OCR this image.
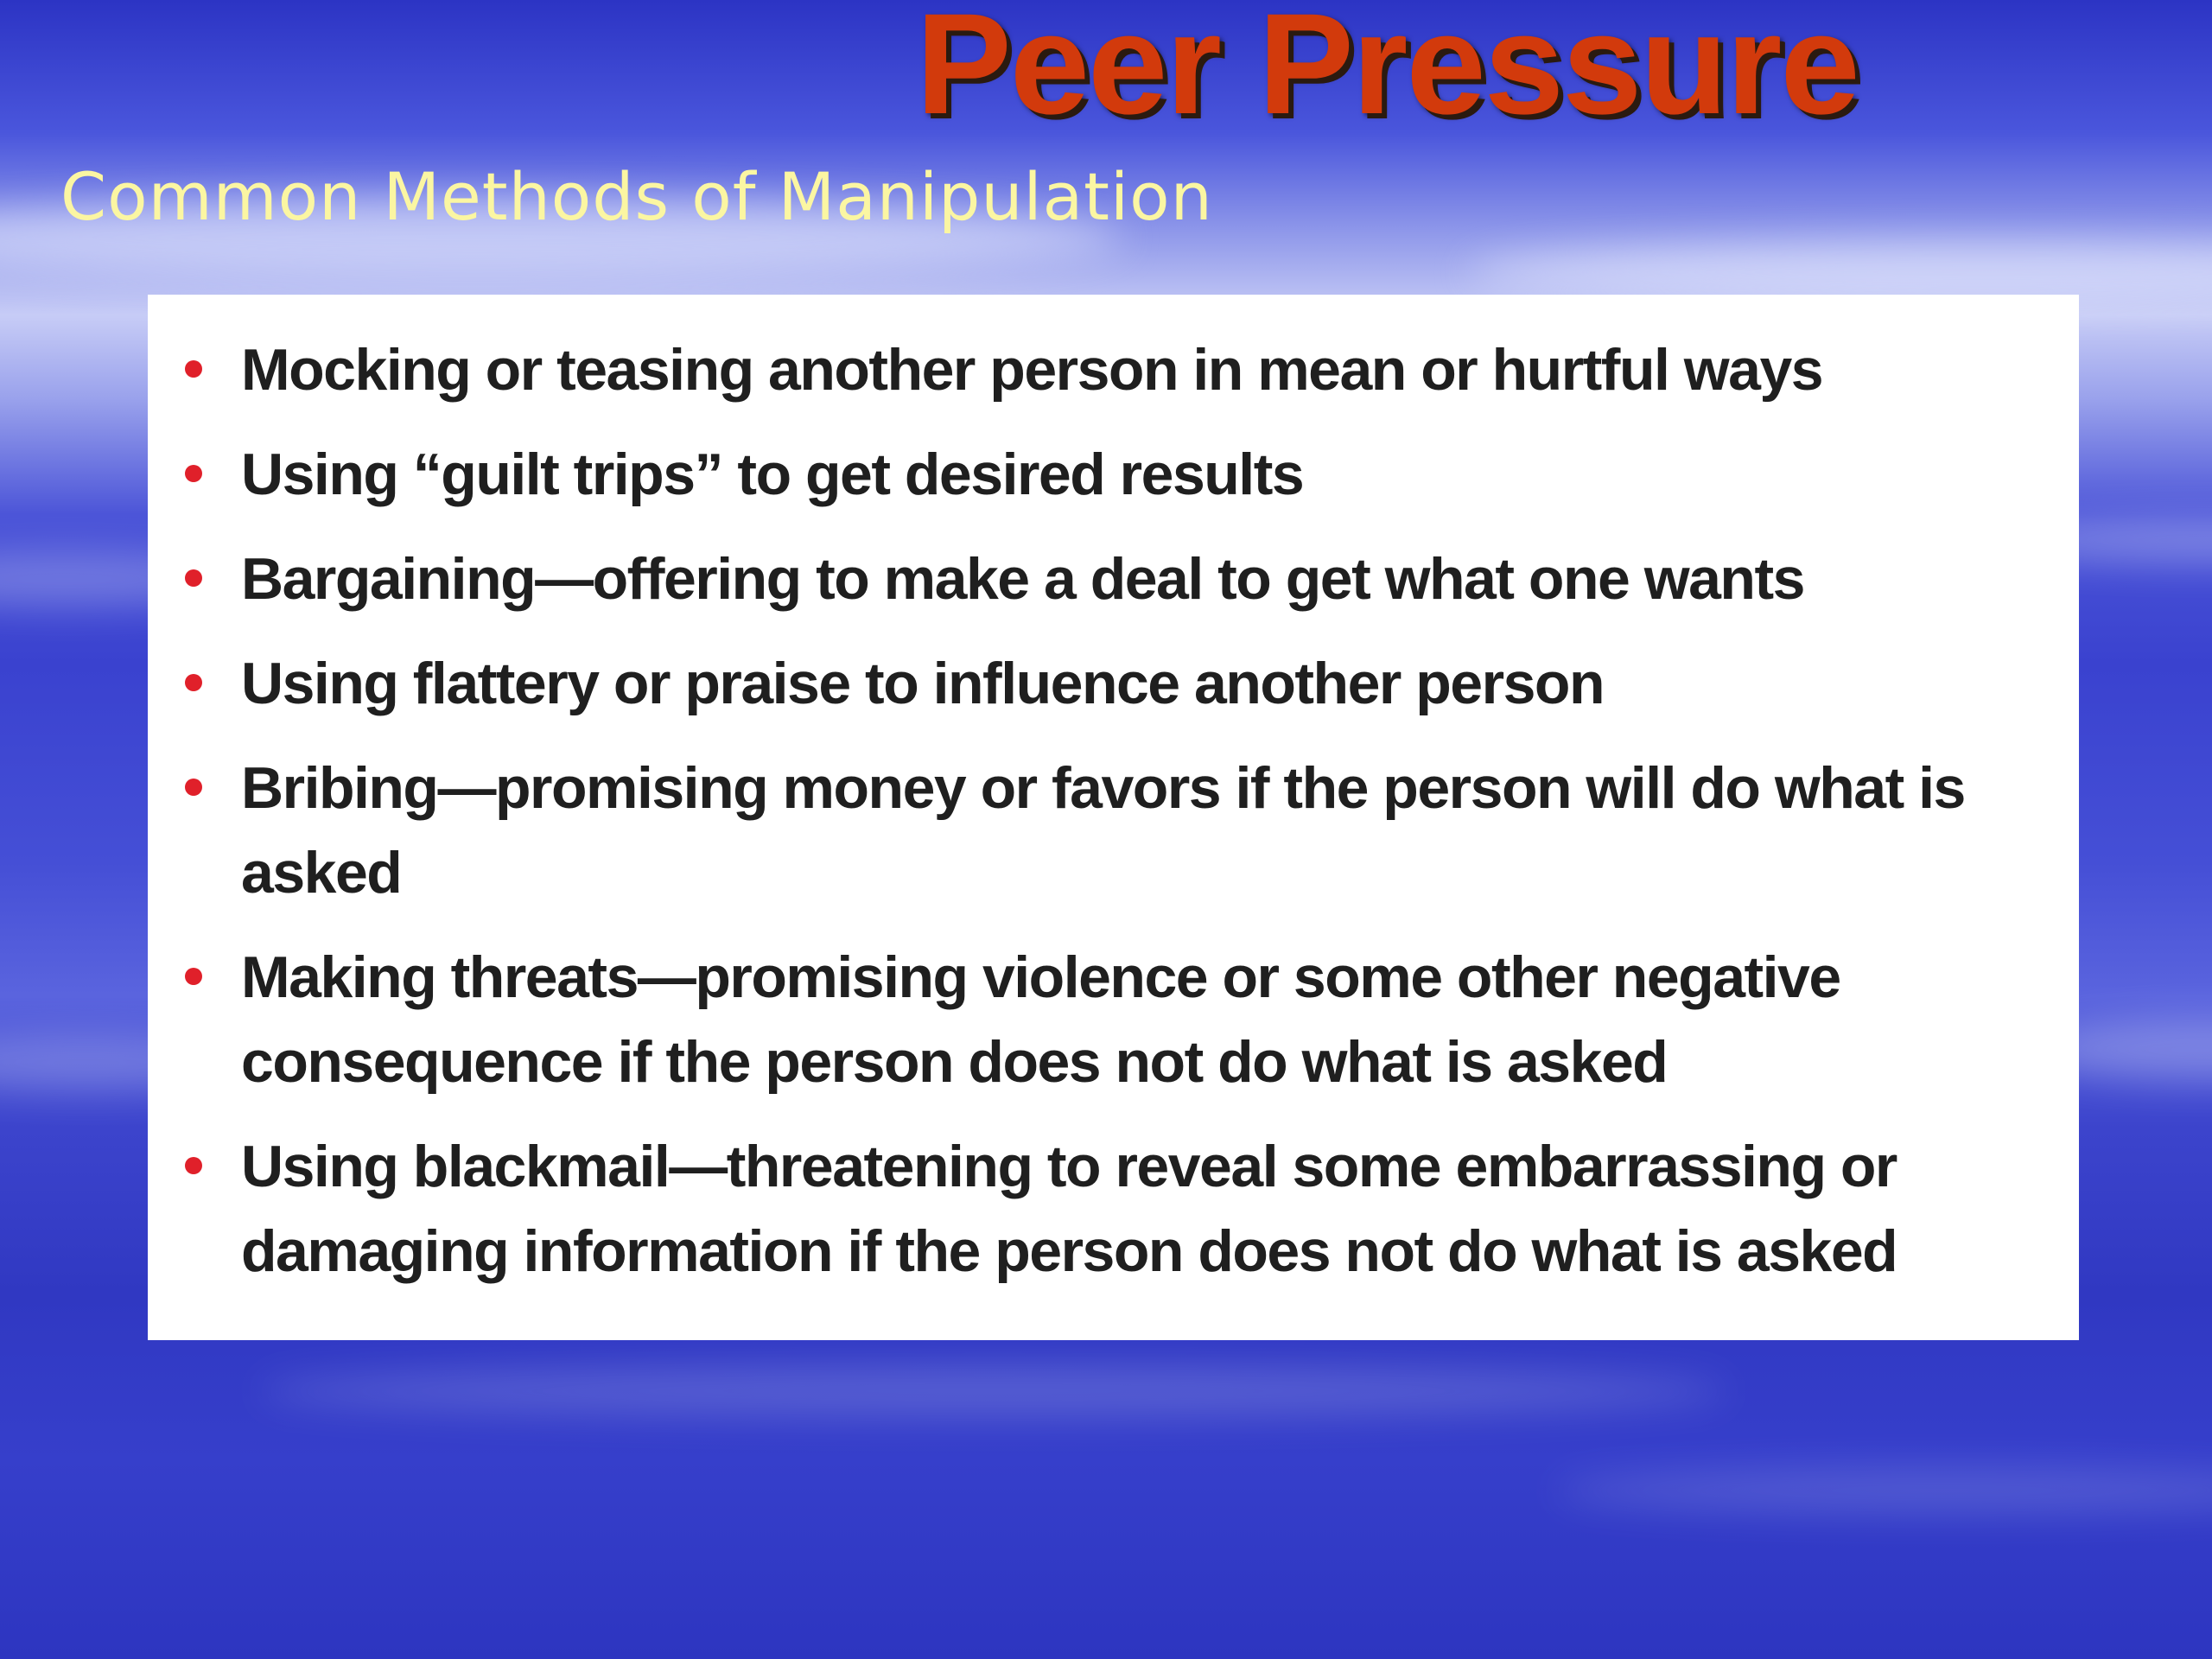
Peer Pressure
Common Methods of Manipulation
Mocking or teasing another person in mean or hurtful ways
Using “guilt trips” to get desired results
Bargaining—offering to make a deal to get what one wants
Using flattery or praise to influence another person
Bribing—promising money or favors if the person will do what is asked
Making threats—promising violence or some other negative consequence if the person does not do what is asked
Using blackmail—threatening to reveal some embarrassing or damaging information if the person does not do what is asked
